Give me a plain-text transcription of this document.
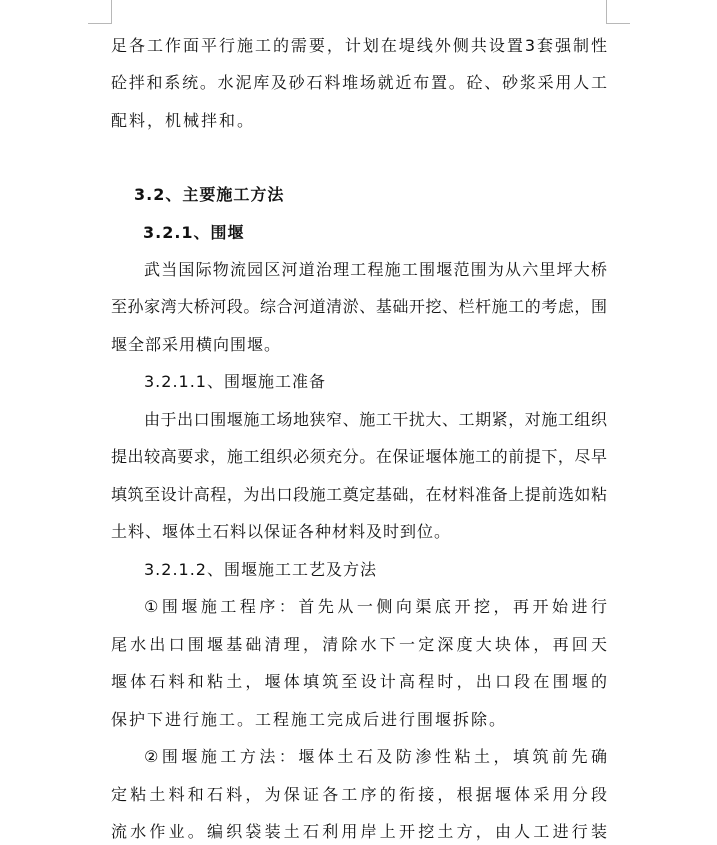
足各工作面平行施工的需要，计划在堤线外侧共设置3套强制性
砼拌和系统。水泥库及砂石料堆场就近布置。砼、砂浆采用人工
配料，机械拌和。
3.2、主要施工方法
3.2.1、围堰
武当国际物流园区河道治理工程施工围堰范围为从六里坪大桥
至孙家湾大桥河段。综合河道清淤、基础开挖、栏杆施工的考虑，围
堰全部采用横向围堰。
3.2.1.1、围堰施工准备
由于出口围堰施工场地狭窄、施工干扰大、工期紧，对施工组织
提出较高要求，施工组织必须充分。在保证堰体施工的前提下，尽早
填筑至设计高程，为出口段施工奠定基础，在材料准备上提前选如粘
土料、堰体土石料以保证各种材料及时到位。
3.2.1.2、围堰施工工艺及方法
①围堰施工程序：首先从一侧向渠底开挖，再开始进行
尾水出口围堰基础清理，清除水下一定深度大块体，再回天
堰体石料和粘土，堰体填筑至设计高程时，出口段在围堰的
保护下进行施工。工程施工完成后进行围堰拆除。
②围堰施工方法：堰体土石及防渗性粘土，填筑前先确
定粘土料和石料，为保证各工序的衔接，根据堰体采用分段
流水作业。编织袋装土石利用岸上开挖土方，由人工进行装
